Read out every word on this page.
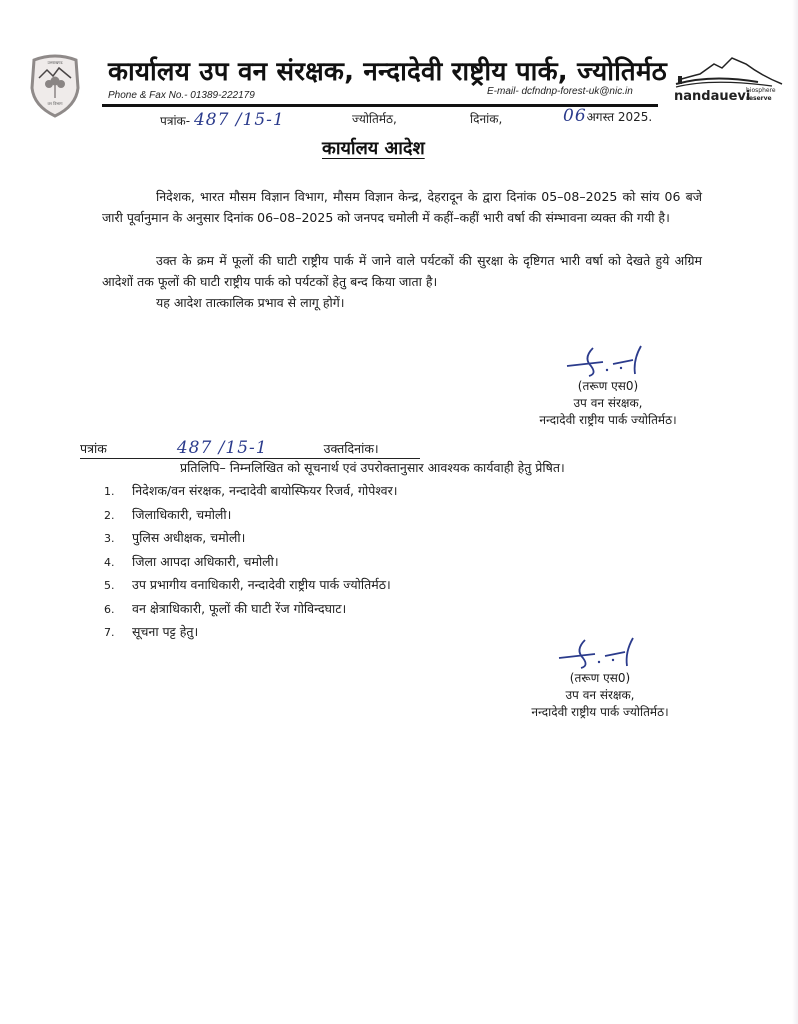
उत्तराखण्ड
वन विभाग
कार्यालय उप वन संरक्षक, नन्दादेवी राष्ट्रीय पार्क, ज्योतिर्मठ
Phone & Fax No.- 01389-222179	E-mail- dcfndnp-forest-uk@nic.in	nandauevi
biosphere
reserve
पत्रांक- 487 /15-1	ज्योतिर्मठ,	दिनांक,	06अगस्त 2025.
कार्यालय आदेश
निदेशक, भारत मौसम विज्ञान विभाग, मौसम विज्ञान केन्द्र, देहरादून के द्वारा दिनांक 05–08–2025 को सांय 06 बजे जारी पूर्वानुमान के अनुसार दिनांक 06–08–2025 को जनपद चमोली में कहीं–कहीं भारी वर्षा की संम्भावना व्यक्त की गयी है।
उक्त के क्रम में फूलों की घाटी राष्ट्रीय पार्क में जाने वाले पर्यटकों की सुरक्षा के दृष्टिगत भारी वर्षा को देखते हुये अग्रिम आदेशों तक फूलों की घाटी राष्ट्रीय पार्क को पर्यटकों हेतु बन्द किया जाता है।
यह आदेश तात्कालिक प्रभाव से लागू होगें।
(तरूण एस0)
उप वन संरक्षक,
नन्दादेवी राष्ट्रीय पार्क ज्योतिर्मठ।
पत्रांक	487 /15-1	उक्तदिनांक।
प्रतिलिपि– निम्नलिखित को सूचनार्थ एवं उपरोक्तानुसार आवश्यक कार्यवाही हेतु प्रेषित।
1. निदेशक/वन संरक्षक, नन्दादेवी बायोस्फियर रिजर्व, गोपेश्वर।
2. जिलाधिकारी, चमोली।
3. पुलिस अधीक्षक, चमोली।
4. जिला आपदा अधिकारी, चमोली।
5. उप प्रभागीय वनाधिकारी, नन्दादेवी राष्ट्रीय पार्क ज्योतिर्मठ।
6. वन क्षेत्राधिकारी, फूलों की घाटी रेंज गोविन्दघाट।
7. सूचना पट्ट हेतु।
(तरूण एस0)
उप वन संरक्षक,
नन्दादेवी राष्ट्रीय पार्क ज्योतिर्मठ।
